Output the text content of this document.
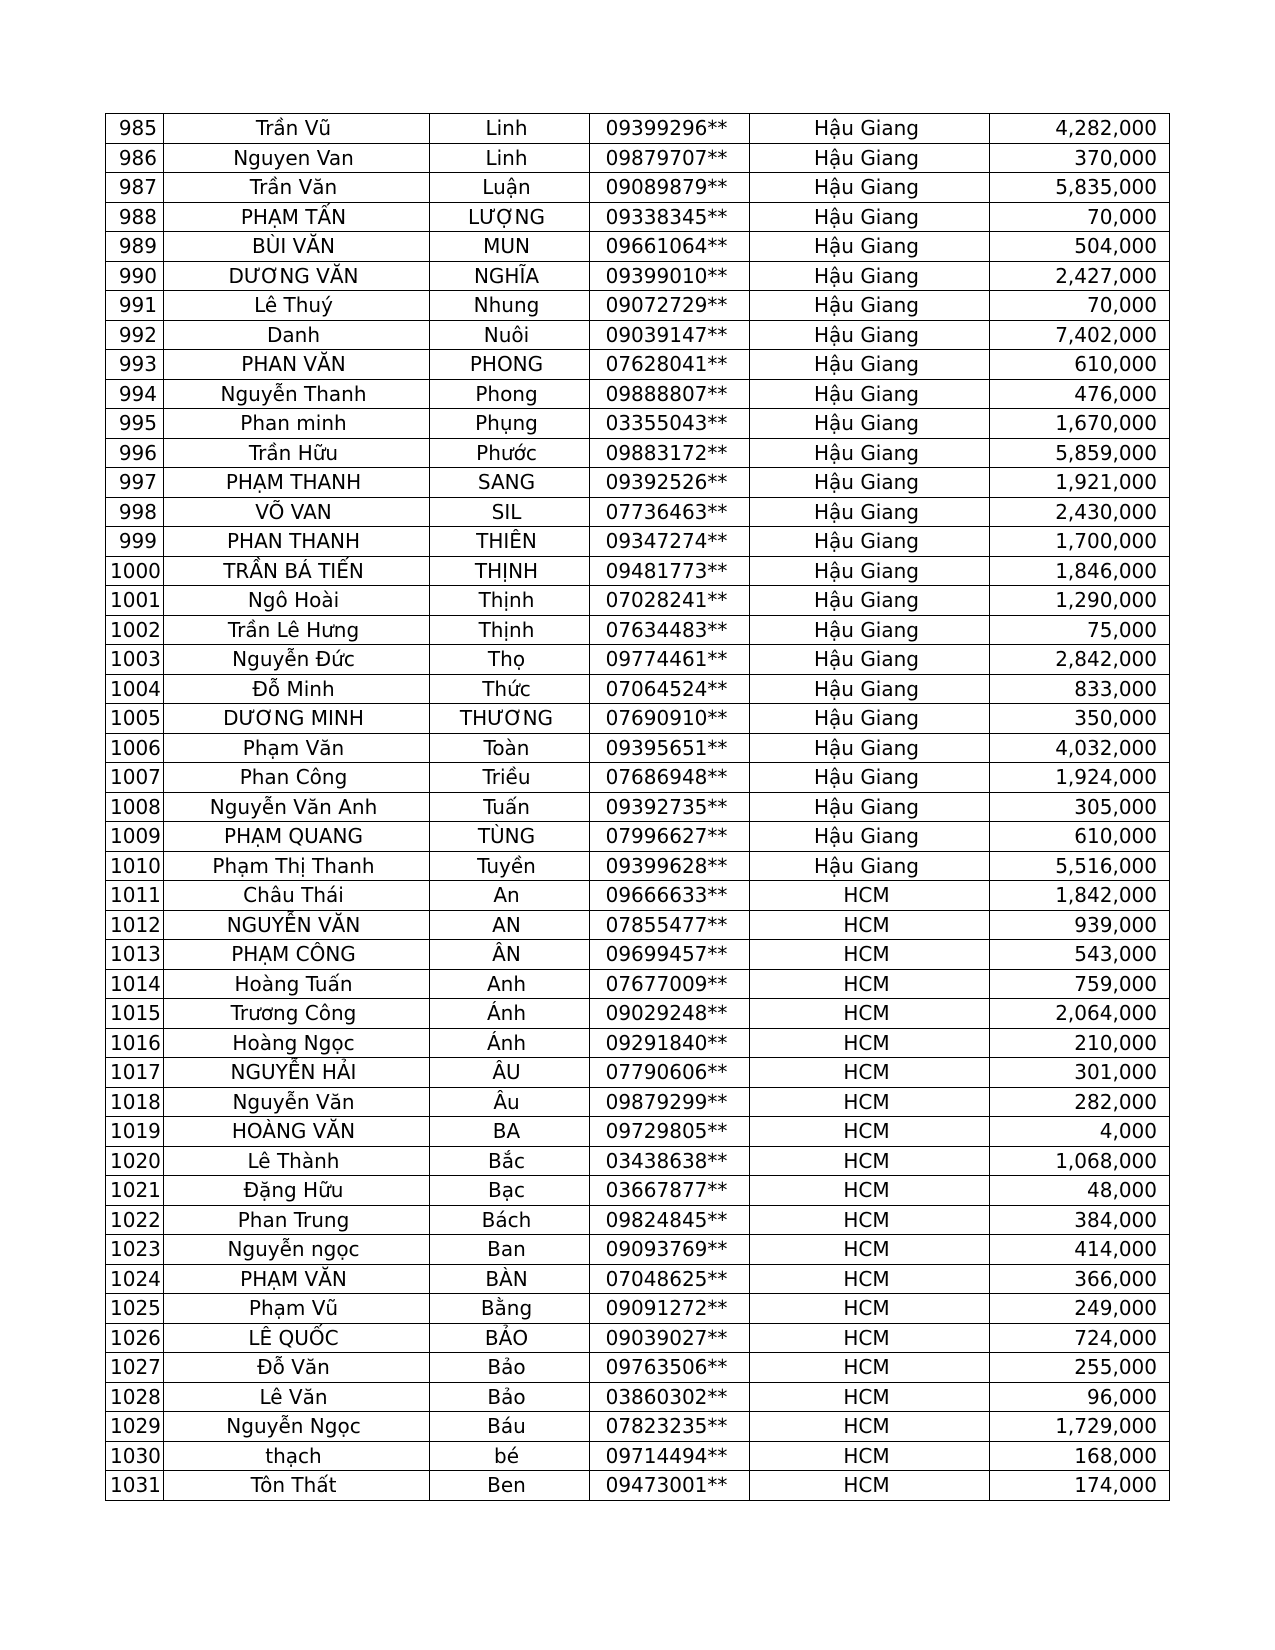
985	Trần Vũ	Linh	09399296**	Hậu Giang	4,282,000
986	Nguyen Van	Linh	09879707**	Hậu Giang	370,000
987	Trần Văn	Luận	09089879**	Hậu Giang	5,835,000
988	PHẠM TẤN	LƯỢNG	09338345**	Hậu Giang	70,000
989	BÙI VĂN	MUN	09661064**	Hậu Giang	504,000
990	DƯƠNG VĂN	NGHĨA	09399010**	Hậu Giang	2,427,000
991	Lê Thuý	Nhung	09072729**	Hậu Giang	70,000
992	Danh	Nuôi	09039147**	Hậu Giang	7,402,000
993	PHAN VĂN	PHONG	07628041**	Hậu Giang	610,000
994	Nguyễn Thanh	Phong	09888807**	Hậu Giang	476,000
995	Phan minh	Phụng	03355043**	Hậu Giang	1,670,000
996	Trần Hữu	Phước	09883172**	Hậu Giang	5,859,000
997	PHẠM THANH	SANG	09392526**	Hậu Giang	1,921,000
998	VÕ VAN	SIL	07736463**	Hậu Giang	2,430,000
999	PHAN THANH	THIÊN	09347274**	Hậu Giang	1,700,000
1000	TRẦN BÁ TIẾN	THỊNH	09481773**	Hậu Giang	1,846,000
1001	Ngô Hoài	Thịnh	07028241**	Hậu Giang	1,290,000
1002	Trần Lê Hưng	Thịnh	07634483**	Hậu Giang	75,000
1003	Nguyễn Đức	Thọ	09774461**	Hậu Giang	2,842,000
1004	Đỗ Minh	Thức	07064524**	Hậu Giang	833,000
1005	DƯƠNG MINH	THƯƠNG	07690910**	Hậu Giang	350,000
1006	Phạm Văn	Toàn	09395651**	Hậu Giang	4,032,000
1007	Phan Công	Triều	07686948**	Hậu Giang	1,924,000
1008	Nguyễn Văn Anh	Tuấn	09392735**	Hậu Giang	305,000
1009	PHẠM QUANG	TÙNG	07996627**	Hậu Giang	610,000
1010	Phạm Thị Thanh	Tuyền	09399628**	Hậu Giang	5,516,000
1011	Châu Thái	An	09666633**	HCM	1,842,000
1012	NGUYỄN VĂN	AN	07855477**	HCM	939,000
1013	PHẠM CÔNG	ÂN	09699457**	HCM	543,000
1014	Hoàng Tuấn	Anh	07677009**	HCM	759,000
1015	Trương Công	Ánh	09029248**	HCM	2,064,000
1016	Hoàng Ngọc	Ánh	09291840**	HCM	210,000
1017	NGUYỄN HẢI	ÂU	07790606**	HCM	301,000
1018	Nguyễn Văn	Âu	09879299**	HCM	282,000
1019	HOÀNG VĂN	BA	09729805**	HCM	4,000
1020	Lê Thành	Bắc	03438638**	HCM	1,068,000
1021	Đặng Hữu	Bạc	03667877**	HCM	48,000
1022	Phan Trung	Bách	09824845**	HCM	384,000
1023	Nguyễn ngọc	Ban	09093769**	HCM	414,000
1024	PHẠM VĂN	BÀN	07048625**	HCM	366,000
1025	Phạm Vũ	Bằng	09091272**	HCM	249,000
1026	LÊ QUỐC	BẢO	09039027**	HCM	724,000
1027	Đỗ Văn	Bảo	09763506**	HCM	255,000
1028	Lê Văn	Bảo	03860302**	HCM	96,000
1029	Nguyễn Ngọc	Báu	07823235**	HCM	1,729,000
1030	thạch	bé	09714494**	HCM	168,000
1031	Tôn Thất	Ben	09473001**	HCM	174,000
